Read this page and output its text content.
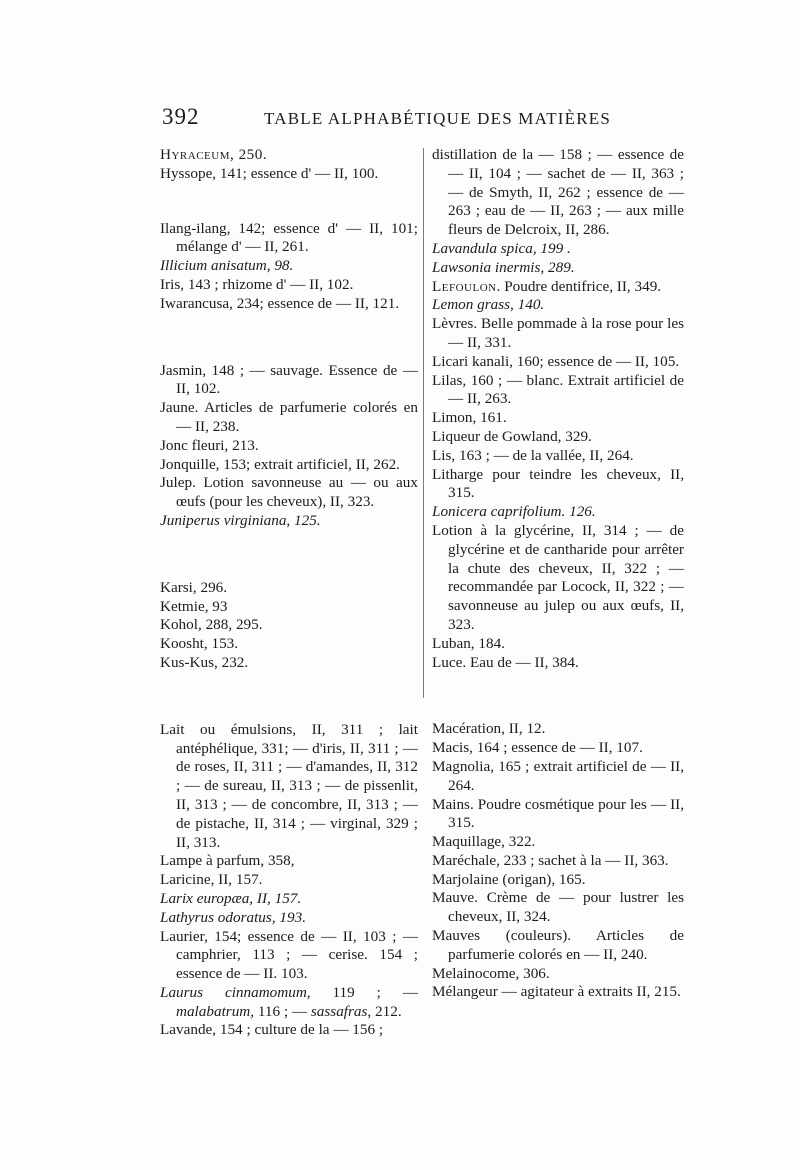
392	TABLE ALPHABÉTIQUE DES MATIÈRES
Hyraceum, 250.
Hyssope, 141; essence d' — II, 100.
Ilang-ilang, 142; essence d' — II, 101; mélange d' — II, 261.
Illicium anisatum, 98.
Iris, 143 ; rhizome d' — II, 102.
Iwarancusa, 234; essence de — II, 121.
Jasmin, 148 ; — sauvage. Essence de — II, 102.
Jaune. Articles de parfumerie colorés en — II, 238.
Jonc fleuri, 213.
Jonquille, 153; extrait artificiel, II, 262.
Julep. Lotion savonneuse au — ou aux œufs (pour les cheveux), II, 323.
Juniperus virginiana, 125.
Karsi, 296.
Ketmie, 93
Kohol, 288, 295.
Koosht, 153.
Kus-Kus, 232.
Lait ou émulsions, II, 311 ; lait antéphélique, 331; — d'iris, II, 311 ; — de roses, II, 311 ; — d'amandes, II, 312 ; — de sureau, II, 313 ; — de pissenlit, II, 313 ; — de concombre, II, 313 ; — de pistache, II, 314 ; — virginal, 329 ; II, 313.
Lampe à parfum, 358,
Laricine, II, 157.
Larix europæa, II, 157.
Lathyrus odoratus, 193.
Laurier, 154; essence de — II, 103 ; — camphrier, 113 ; — cerise. 154 ; essence de — II. 103.
Laurus cinnamomum, 119 ; — malabatrum, 116 ; — sassafras, 212.
Lavande, 154 ; culture de la — 156 ;
distillation de la — 158 ; — essence de — II, 104 ; — sachet de — II, 363 ; — de Smyth, II, 262 ; essence de — 263 ; eau de — II, 263 ; — aux mille fleurs de Delcroix, II, 286.
Lavandula spica, 199 .
Lawsonia inermis, 289.
Lefoulon. Poudre dentifrice, II, 349.
Lemon grass, 140.
Lèvres. Belle pommade à la rose pour les — II, 331.
Licari kanali, 160; essence de — II, 105.
Lilas, 160 ; — blanc. Extrait artificiel de — II, 263.
Limon, 161.
Liqueur de Gowland, 329.
Lis, 163 ; — de la vallée, II, 264.
Litharge pour teindre les cheveux, II, 315.
Lonicera caprifolium. 126.
Lotion à la glycérine, II, 314 ; — de glycérine et de cantharide pour arrêter la chute des cheveux, II, 322 ; — recommandée par Locock, II, 322 ; — savonneuse au julep ou aux œufs, II, 323.
Luban, 184.
Luce. Eau de — II, 384.
Macération, II, 12.
Macis, 164 ; essence de — II, 107.
Magnolia, 165 ; extrait artificiel de — II, 264.
Mains. Poudre cosmétique pour les — II, 315.
Maquillage, 322.
Maréchale, 233 ; sachet à la — II, 363.
Marjolaine (origan), 165.
Mauve. Crème de — pour lustrer les cheveux, II, 324.
Mauves (couleurs). Articles de parfumerie colorés en — II, 240.
Melainocome, 306.
Mélangeur — agitateur à extraits II, 215.
